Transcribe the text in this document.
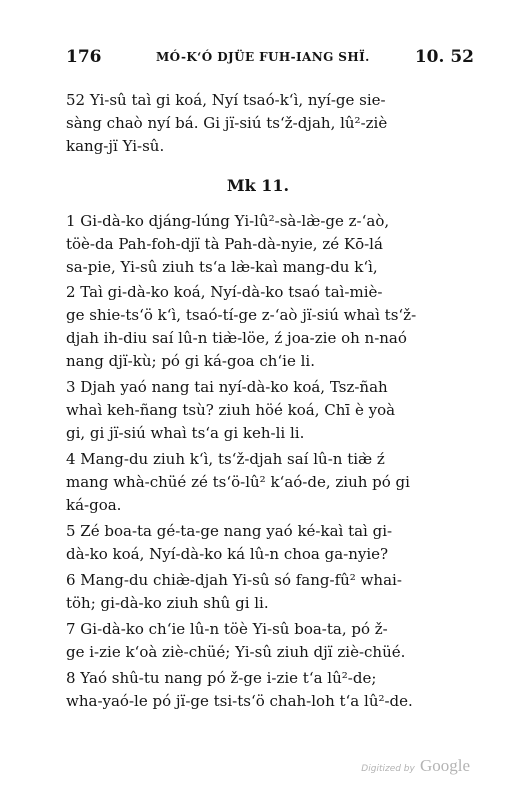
176	MÓ-K‘Ó DJÜE FUH-IANG SHÏ.	10. 52
52 Yi-sû taì gi koá, Nyí tsaó-k‘ì, nyí-ge sie-
sàng chaò nyí bá. Gi jï-siú ts‘ž-djah, lû²-ziè
kang-jï Yi-sû.
Mk 11.
1 Gi-dà-ko djáng-lúng Yi-lû²-sà-læ̀-ge z-‘aò,
töè-da Pah-foh-djï tà Pah-dà-nyie, zé Kō-lá
sa-pie, Yi-sû ziuh ts‘a læ̀-kaì mang-du k‘ì,
2 Taì gi-dà-ko koá, Nyí-dà-ko tsaó taì-miè-
ge shie-ts‘ö k‘ì, tsaó-tí-ge z-‘aò jï-siú whaì ts‘ž-
djah ih-diu saí lû-n tiæ̀-löe, ź joa-zie oh n-naó
nang djï-kù; pó gi ká-goa ch‘ie li.
3 Djah yaó nang tai nyí-dà-ko koá, Tsz-ñah
whaì keh-ñang tsù? ziuh höé koá, Chī è yoà
gi, gi jï-siú whaì ts‘a gi keh-li li.
4 Mang-du ziuh k‘ì, ts‘ž-djah saí lû-n tiæ̀ ź
mang whà-chüé zé ts‘ö-lû² k‘aó-de, ziuh pó gi
ká-goa.
5 Zé boa-ta gé-ta-ge nang yaó ké-kaì taì gi-
dà-ko koá, Nyí-dà-ko ká lû-n choa ga-nyie?
6 Mang-du chiæ̀-djah Yi-sû só fang-fû² whai-
töh; gi-dà-ko ziuh shû gi li.
7 Gi-dà-ko ch‘ie lû-n töè Yi-sû boa-ta, pó ž-
ge i-zie k‘oà ziè-chüé; Yi-sû ziuh djï ziè-chüé.
8 Yaó shû-tu nang pó ž-ge i-zie t‘a lû²-de;
wha-yaó-le pó jï-ge tsi-ts‘ö chah-loh t‘a lû²-de.
Digitized by Google
